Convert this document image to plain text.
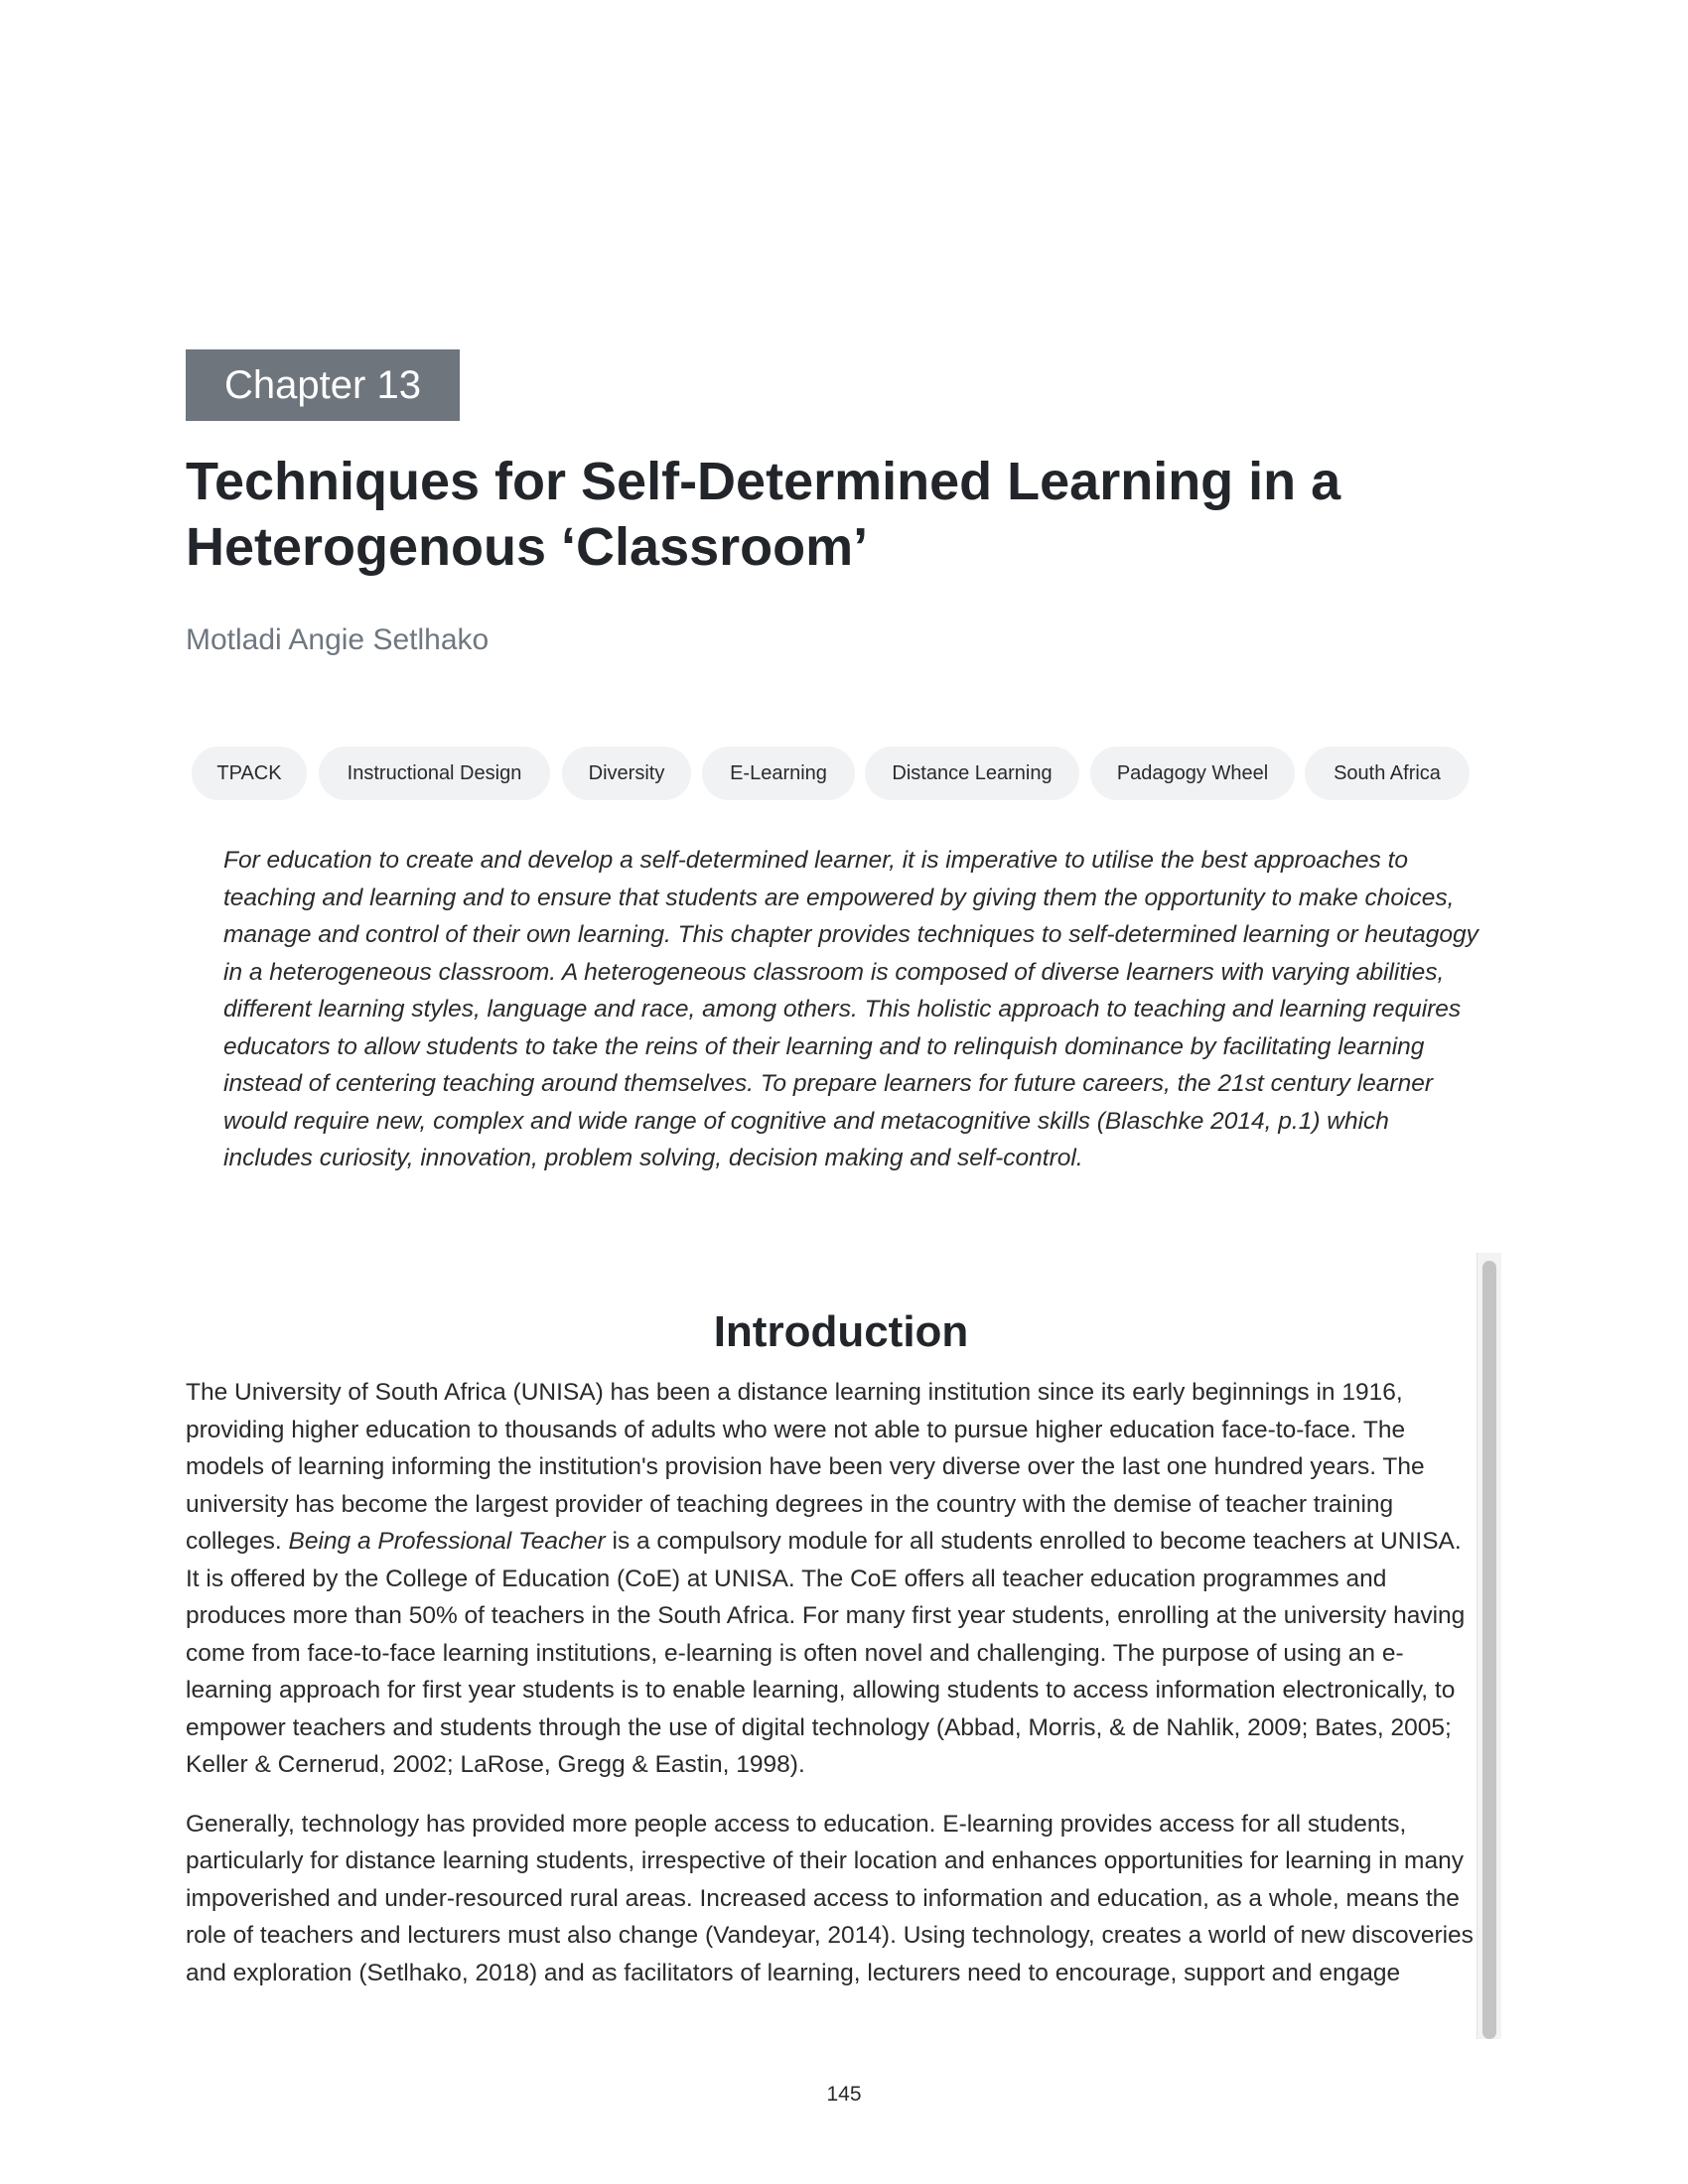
Chapter 13
Techniques for Self-Determined Learning in a
Heterogenous ‘Classroom’
Motladi Angie Setlhako
TPACK	Instructional Design	Diversity	E-Learning	Distance Learning	Padagogy Wheel	South Africa

For education to create and develop a self-determined learner, it is imperative to utilise the best approaches to teaching and learning and to ensure that students are empowered by giving them the opportunity to make choices, manage and control of their own learning. This chapter provides techniques to self-determined learning or heutagogy in a heterogeneous classroom. A heterogeneous classroom is composed of diverse learners with varying abilities, different learning styles, language and race, among others. This holistic approach to teaching and learning requires educators to allow students to take the reins of their learning and to relinquish dominance by facilitating learning instead of centering teaching around themselves. To prepare learners for future careers, the 21st century learner would require new, complex and wide range of cognitive and metacognitive skills (Blaschke 2014, p.1) which includes curiosity, innovation, problem solving, decision making and self-control.

Introduction

The University of South Africa (UNISA) has been a distance learning institution since its early beginnings in 1916,
providing higher education to thousands of adults who were not able to pursue higher education face-to-face. The
models of learning informing the institution's provision have been very diverse over the last one hundred years. The
university has become the largest provider of teaching degrees in the country with the demise of teacher training
colleges. Being a Professional Teacher is a compulsory module for all students enrolled to become teachers at UNISA.
It is offered by the College of Education (CoE) at UNISA. The CoE offers all teacher education programmes and
produces more than 50% of teachers in the South Africa. For many first year students, enrolling at the university having
come from face-to-face learning institutions, e-learning is often novel and challenging. The purpose of using an e-
learning approach for first year students is to enable learning, allowing students to access information electronically, to
empower teachers and students through the use of digital technology (Abbad, Morris, & de Nahlik, 2009; Bates, 2005;
Keller & Cernerud, 2002; LaRose, Gregg & Eastin, 1998).

Generally, technology has provided more people access to education. E-learning provides access for all students,
particularly for distance learning students, irrespective of their location and enhances opportunities for learning in many
impoverished and under-resourced rural areas. Increased access to information and education, as a whole, means the
role of teachers and lecturers must also change (Vandeyar, 2014). Using technology, creates a world of new discoveries
and exploration (Setlhako, 2018) and as facilitators of learning, lecturers need to encourage, support and engage

145
